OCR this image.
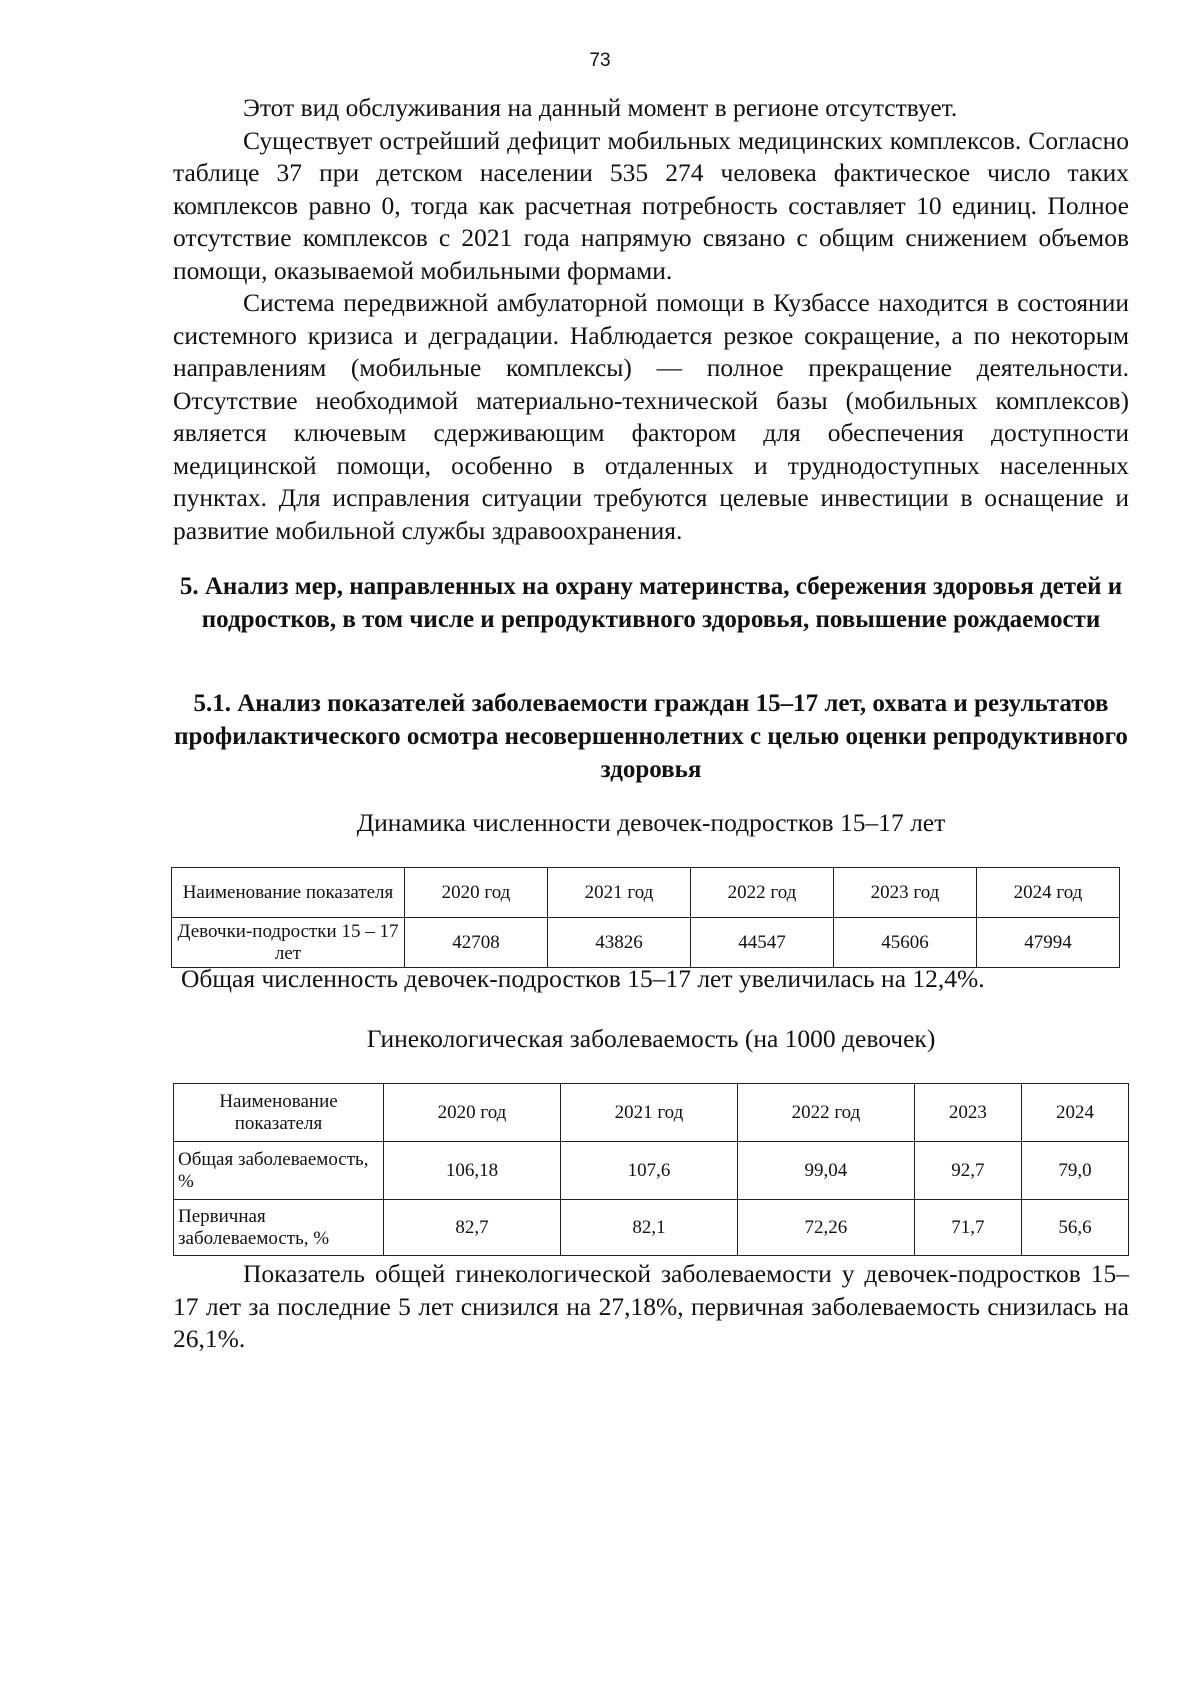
73

Этот вид обслуживания на данный момент в регионе отсутствует.

Существует острейший дефицит мобильных медицинских комплексов. Согласно таблице 37 при детском населении 535 274 человека фактическое число таких комплексов равно 0, тогда как расчетная потребность составляет 10 единиц. Полное отсутствие комплексов с 2021 года напрямую связано с общим снижением объемов помощи, оказываемой мобильными формами.

Система передвижной амбулаторной помощи в Кузбассе находится в состоянии системного кризиса и деградации. Наблюдается резкое сокращение, а по некоторым направлениям (мобильные комплексы) — полное прекращение деятельности. Отсутствие необходимой материально-технической базы (мобильных комплексов) является ключевым сдерживающим фактором для обеспечения доступности медицинской помощи, особенно в отдаленных и труднодоступных населенных пунктах. Для исправления ситуации требуются целевые инвестиции в оснащение и развитие мобильной службы здравоохранения.

5. Анализ мер, направленных на охрану материнства, сбережения здоровья детей и подростков, в том числе и репродуктивного здоровья, повышение рождаемости
5.1. Анализ показателей заболеваемости граждан 15–17 лет, охвата и результатов профилактического осмотра несовершеннолетних с целью оценки репродуктивного здоровья
Динамика численности девочек-подростков 15–17 лет
Наименование показателя	2020 год	2021 год	2022 год	2023 год	2024 год
Девочки-подростки 15 – 17 лет	42708	43826	44547	45606	47994
Общая численность девочек-подростков 15–17 лет увеличилась на 12,4%.
Гинекологическая заболеваемость (на 1000 девочек)
Наименование показателя	2020 год	2021 год	2022 год	2023	2024
Общая заболеваемость, %	106,18	107,6	99,04	92,7	79,0
Первичная заболеваемость, %	82,7	82,1	72,26	71,7	56,6

Показатель общей гинекологической заболеваемости у девочек-подростков 15–17 лет за последние 5 лет снизился на 27,18%, первичная заболеваемость снизилась на 26,1%.
